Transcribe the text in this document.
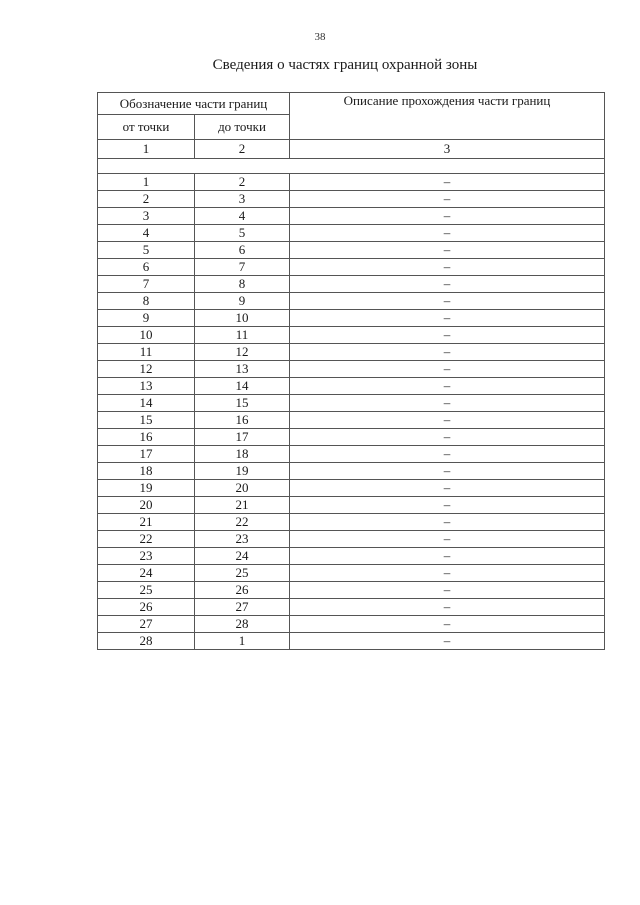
38
Сведения о частях границ охранной зоны
Обозначение части границ		Описание прохождения части границ
от точки	до точки	
1	2	3

1	2	–
2	3	–
3	4	–
4	5	–
5	6	–
6	7	–
7	8	–
8	9	–
9	10	–
10	11	–
11	12	–
12	13	–
13	14	–
14	15	–
15	16	–
16	17	–
17	18	–
18	19	–
19	20	–
20	21	–
21	22	–
22	23	–
23	24	–
24	25	–
25	26	–
26	27	–
27	28	–
28	1	–
